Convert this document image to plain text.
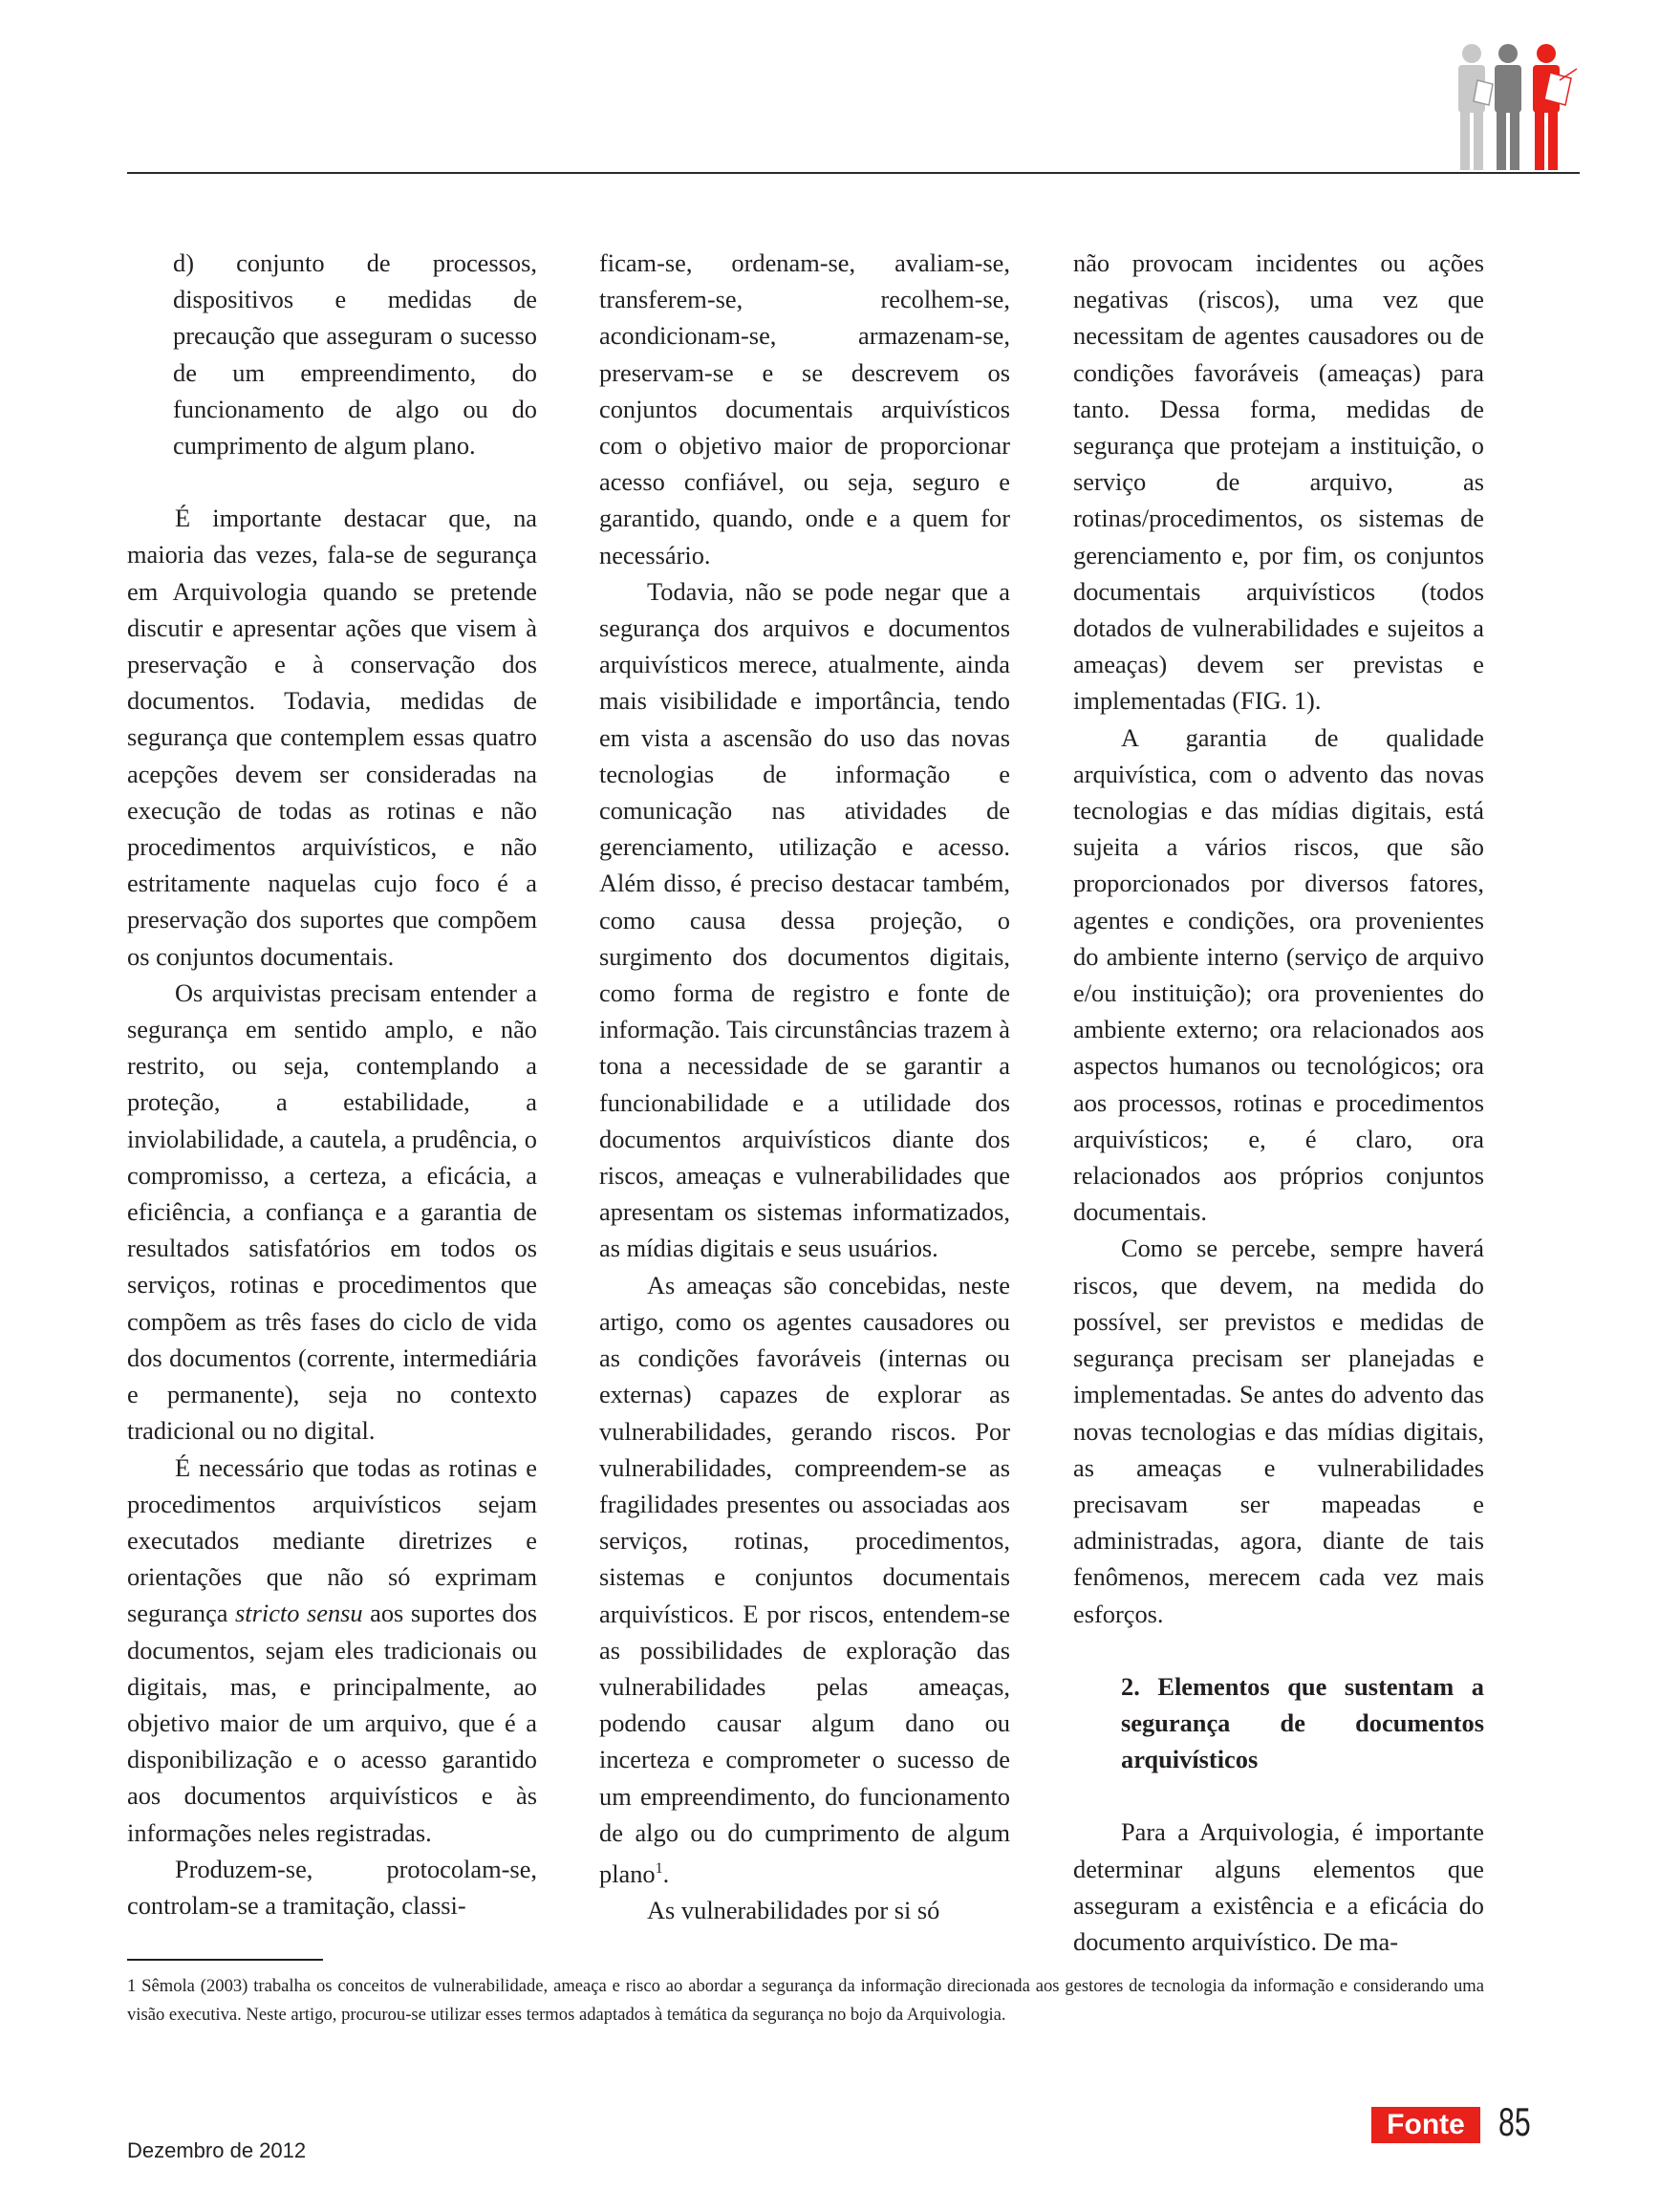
d) conjunto de processos, dispositivos e medidas de precaução que asseguram o sucesso de um empreendimento, do funcionamento de algo ou do cumprimento de algum plano.

É importante destacar que, na maioria das vezes, fala-se de segurança em Arquivologia quando se pretende discutir e apresentar ações que visem à preservação e à conservação dos documentos. Todavia, medidas de segurança que contemplem essas quatro acepções devem ser consideradas na execução de todas as rotinas e não procedimentos arquivísticos, e não estritamente naquelas cujo foco é a preservação dos suportes que compõem os conjuntos documentais.

Os arquivistas precisam entender a segurança em sentido amplo, e não restrito, ou seja, contemplando a proteção, a estabilidade, a inviolabilidade, a cautela, a prudência, o compromisso, a certeza, a eficácia, a eficiência, a confiança e a garantia de resultados satisfatórios em todos os serviços, rotinas e procedimentos que compõem as três fases do ciclo de vida dos documentos (corrente, intermediária e permanente), seja no contexto tradicional ou no digital.

É necessário que todas as rotinas e procedimentos arquivísticos sejam executados mediante diretrizes e orientações que não só exprimam segurança stricto sensu aos suportes dos documentos, sejam eles tradicionais ou digitais, mas, e principalmente, ao objetivo maior de um arquivo, que é a disponibilização e o acesso garantido aos documentos arquivísticos e às informações neles registradas.

Produzem-se, protocolam-se, controlam-se a tramitação, classi-

ficam-se, ordenam-se, avaliam-se, transferem-se, recolhem-se, acondicionam-se, armazenam-se, preservam-se e se descrevem os conjuntos documentais arquivísticos com o objetivo maior de proporcionar acesso confiável, ou seja, seguro e garantido, quando, onde e a quem for necessário.

Todavia, não se pode negar que a segurança dos arquivos e documentos arquivísticos merece, atualmente, ainda mais visibilidade e importância, tendo em vista a ascensão do uso das novas tecnologias de informação e comunicação nas atividades de gerenciamento, utilização e acesso. Além disso, é preciso destacar também, como causa dessa projeção, o surgimento dos documentos digitais, como forma de registro e fonte de informação. Tais circunstâncias trazem à tona a necessidade de se garantir a funcionabilidade e a utilidade dos documentos arquivísticos diante dos riscos, ameaças e vulnerabilidades que apresentam os sistemas informatizados, as mídias digitais e seus usuários.

As ameaças são concebidas, neste artigo, como os agentes causadores ou as condições favoráveis (internas ou externas) capazes de explorar as vulnerabilidades, gerando riscos. Por vulnerabilidades, compreendem-se as fragilidades presentes ou associadas aos serviços, rotinas, procedimentos, sistemas e conjuntos documentais arquivísticos. E por riscos, entendem-se as possibilidades de exploração das vulnerabilidades pelas ameaças, podendo causar algum dano ou incerteza e comprometer o sucesso de um empreendimento, do funcionamento de algo ou do cumprimento de algum plano$^1$.

As vulnerabilidades por si só

não provocam incidentes ou ações negativas (riscos), uma vez que necessitam de agentes causadores ou de condições favoráveis (ameaças) para tanto. Dessa forma, medidas de segurança que protejam a instituição, o serviço de arquivo, as rotinas/procedimentos, os sistemas de gerenciamento e, por fim, os conjuntos documentais arquivísticos (todos dotados de vulnerabilidades e sujeitos a ameaças) devem ser previstas e implementadas (FIG. 1).

A garantia de qualidade arquivística, com o advento das novas tecnologias e das mídias digitais, está sujeita a vários riscos, que são proporcionados por diversos fatores, agentes e condições, ora provenientes do ambiente interno (serviço de arquivo e/ou instituição); ora provenientes do ambiente externo; ora relacionados aos aspectos humanos ou tecnológicos; ora aos processos, rotinas e procedimentos arquivísticos; e, é claro, ora relacionados aos próprios conjuntos documentais.

Como se percebe, sempre haverá riscos, que devem, na medida do possível, ser previstos e medidas de segurança precisam ser planejadas e implementadas. Se antes do advento das novas tecnologias e das mídias digitais, as ameaças e vulnerabilidades precisavam ser mapeadas e administradas, agora, diante de tais fenômenos, merecem cada vez mais esforços.

2. Elementos que sustentam a segurança de documentos arquivísticos

Para a Arquivologia, é importante determinar alguns elementos que asseguram a existência e a eficácia do documento arquivístico. De ma-

1 Sêmola (2003) trabalha os conceitos de vulnerabilidade, ameaça e risco ao abordar a segurança da informação direcionada aos gestores de tecnologia da informação e considerando uma visão executiva. Neste artigo, procurou-se utilizar esses termos adaptados à temática da segurança no bojo da Arquivologia.
Dezembro de 2012
Fonte 85
